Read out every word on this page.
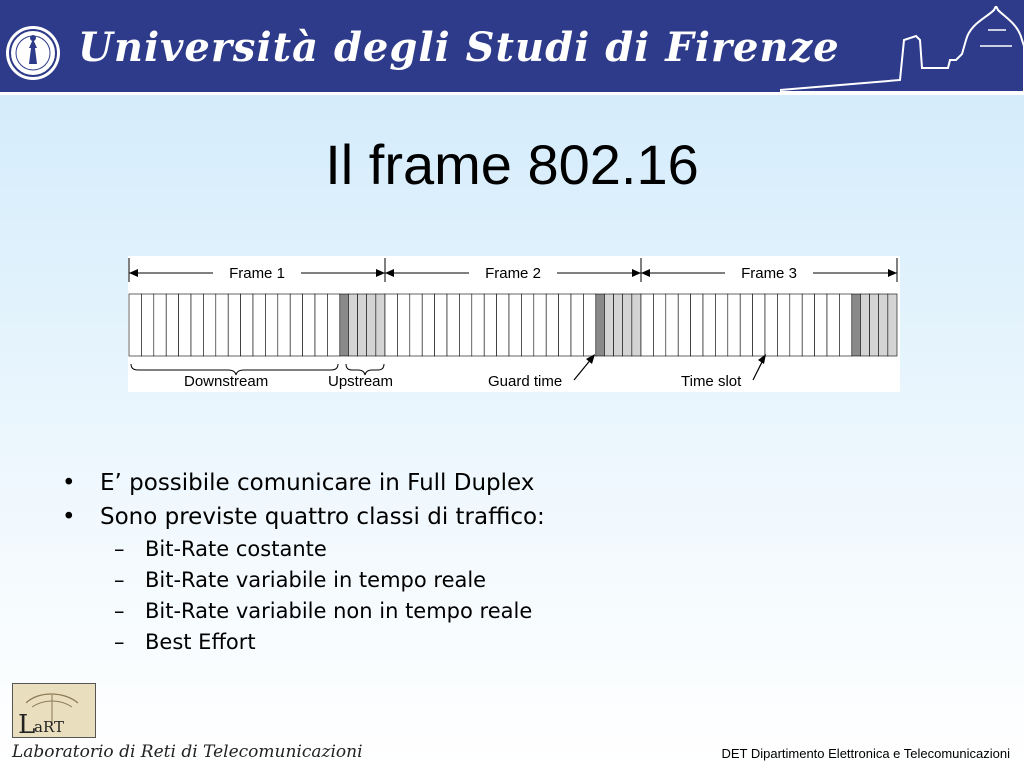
Università degli Studi di Firenze
Il frame 802.16
Frame 1	Frame 2	Frame 3
Downstream	Upstream	Guard time	Time slot
• E’ possibile comunicare in Full Duplex
• Sono previste quattro classi di traffico:
– Bit-Rate costante
– Bit-Rate variabile in tempo reale
– Bit-Rate variabile non in tempo reale
– Best Effort
L
aRT
Laboratorio di Reti di Telecomunicazioni	DET Dipartimento Elettronica e Telecomunicazioni
